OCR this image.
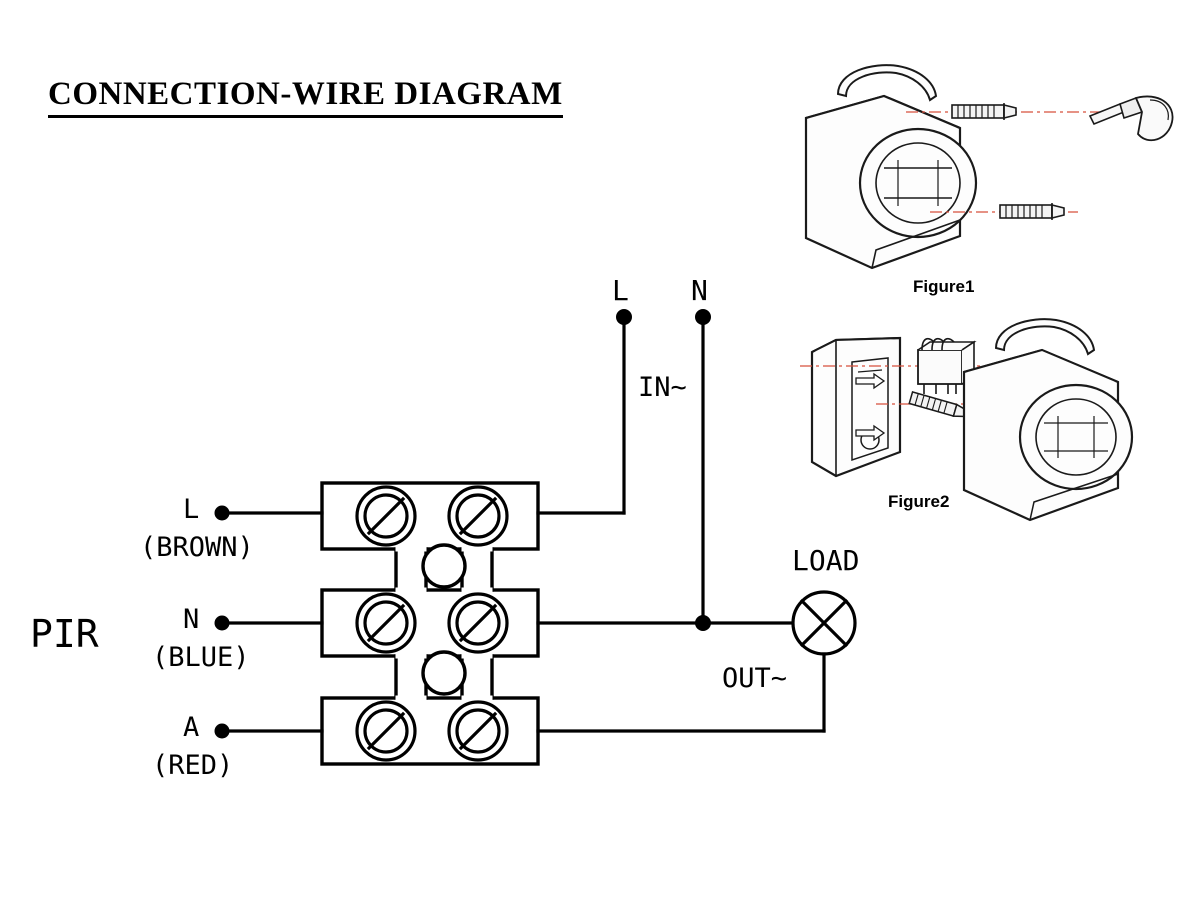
CONNECTION-WIRE DIAGRAM
PIR
L
(BROWN)
N
(BLUE)
A
(RED)
L N
IN~
OUT~
LOAD
Figure1
Figure2
